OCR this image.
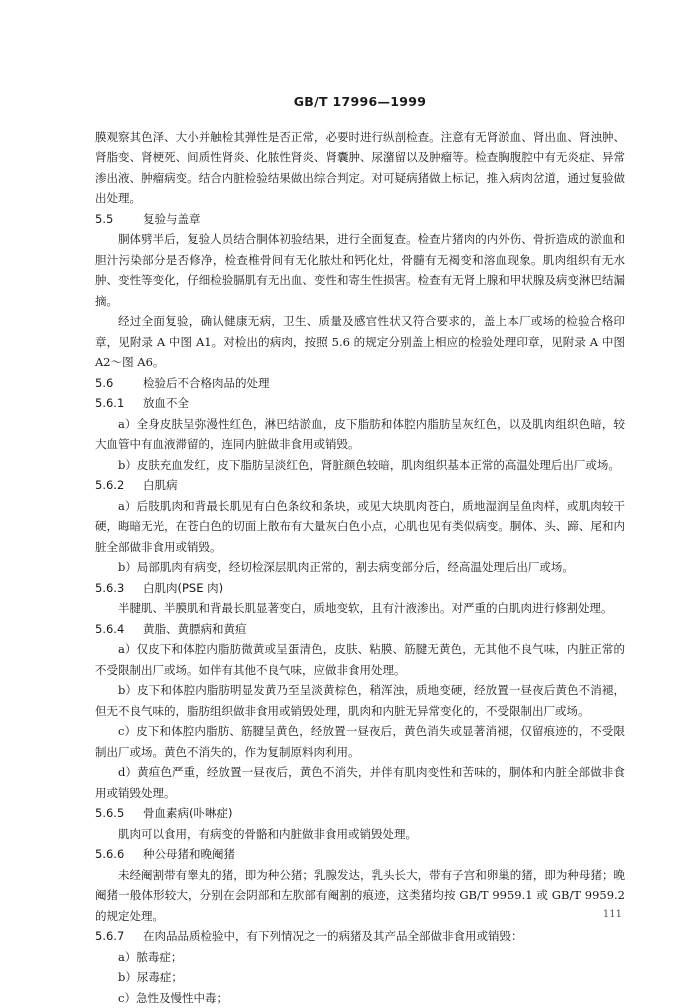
GB/T 17996—1999

膜观察其色泽、大小并触检其弹性是否正常，必要时进行纵剖检查。注意有无肾淤血、肾出血、肾浊肿、肾脂变、肾梗死、间质性肾炎、化脓性肾炎、肾囊肿、尿潴留以及肿瘤等。检查胸腹腔中有无炎症、异常渗出液、肿瘤病变。结合内脏检验结果做出综合判定。对可疑病猪做上标记，推入病肉岔道，通过复验做出处理。

5.5	复验与盖章

胴体劈半后，复验人员结合胴体初验结果，进行全面复查。检查片猪肉的内外伤、骨折造成的淤血和胆汁污染部分是否修净，检查椎骨间有无化脓灶和钙化灶，骨髓有无褐变和溶血现象。肌肉组织有无水肿、变性等变化，仔细检验膈肌有无出血、变性和寄生性损害。检查有无肾上腺和甲状腺及病变淋巴结漏摘。

经过全面复验，确认健康无病，卫生、质量及感官性状又符合要求的，盖上本厂或场的检验合格印章，见附录 A 中图 A1。对检出的病肉，按照 5.6 的规定分别盖上相应的检验处理印章，见附录 A 中图 A2～图 A6。

5.6	检验后不合格肉品的处理

5.6.1 放血不全

a）全身皮肤呈弥漫性红色，淋巴结淤血，皮下脂肪和体腔内脂肪呈灰红色，以及肌肉组织色暗，较大血管中有血液滞留的，连同内脏做非食用或销毁。

b）皮肤充血发红，皮下脂肪呈淡红色，肾脏颜色较暗，肌肉组织基本正常的高温处理后出厂或场。

5.6.2 白肌病

a）后肢肌肉和背最长肌见有白色条纹和条块，或见大块肌肉苍白，质地湿润呈鱼肉样，或肌肉较干硬，晦暗无光，在苍白色的切面上散布有大量灰白色小点，心肌也见有类似病变。胴体、头、蹄、尾和内脏全部做非食用或销毁。

b）局部肌肉有病变，经切检深层肌肉正常的，割去病变部分后，经高温处理后出厂或场。

5.6.3 白肌肉(PSE 肉)

半腱肌、半膜肌和背最长肌显著变白，质地变软，且有汁液渗出。对严重的白肌肉进行修割处理。

5.6.4 黄脂、黄膘病和黄疸

a）仅皮下和体腔内脂肪微黄或呈蛋清色，皮肤、粘膜、筋腱无黄色，无其他不良气味，内脏正常的不受限制出厂或场。如伴有其他不良气味，应做非食用处理。

b）皮下和体腔内脂肪明显发黄乃至呈淡黄棕色，稍浑浊，质地变硬，经放置一昼夜后黄色不消褪，但无不良气味的，脂肪组织做非食用或销毁处理，肌肉和内脏无异常变化的，不受限制出厂或场。

c）皮下和体腔内脂肪、筋腱呈黄色，经放置一昼夜后，黄色消失或显著消褪，仅留痕迹的，不受限制出厂或场。黄色不消失的，作为复制原料肉利用。

d）黄疸色严重，经放置一昼夜后，黄色不消失，并伴有肌肉变性和苦味的，胴体和内脏全部做非食用或销毁处理。

5.6.5 骨血素病(卟啉症)

肌肉可以食用，有病变的骨骼和内脏做非食用或销毁处理。

5.6.6 种公母猪和晚阉猪

未经阉割带有睾丸的猪，即为种公猪；乳腺发达，乳头长大，带有子宫和卵巢的猪，即为种母猪；晚阉猪一般体形较大，分别在会阴部和左肷部有阉割的痕迹，这类猪均按 GB/T 9959.1 或 GB/T 9959.2 的规定处理。

5.6.7 在肉品品质检验中，有下列情况之一的病猪及其产品全部做非食用或销毁：

a）脓毒症；

b）尿毒症；

c）急性及慢性中毒；

111
